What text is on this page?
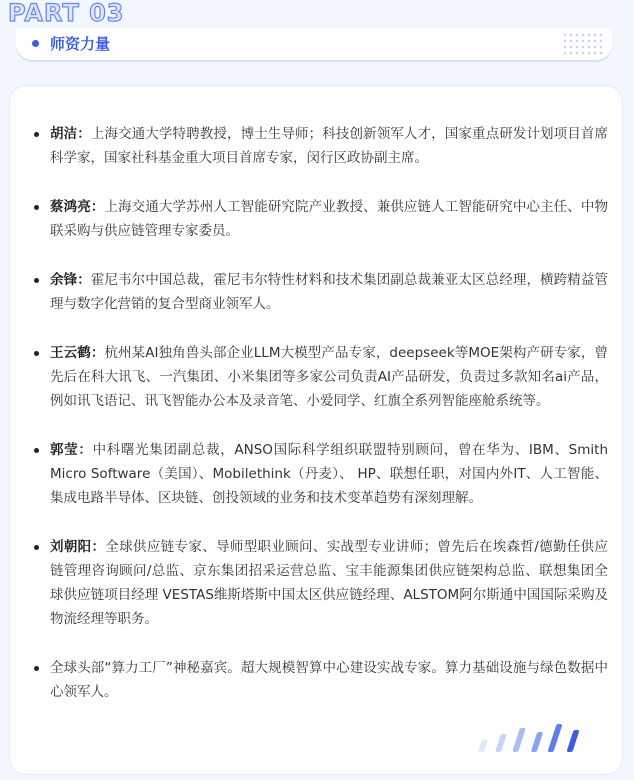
PART 03
师资力量
胡洁：上海交通大学特聘教授，博士生导师；科技创新领军人才，国家重点研发计划项目首席科学家，国家社科基金重大项目首席专家，闵行区政协副主席。
蔡鸿亮：上海交通大学苏州人工智能研究院产业教授、兼供应链人工智能研究中心主任、中物联采购与供应链管理专家委员。
余锋：霍尼韦尔中国总裁，霍尼韦尔特性材料和技术集团副总裁兼亚太区总经理，横跨精益管理与数字化营销的复合型商业领军人。
王云鹤：杭州某AI独角兽头部企业LLM大模型产品专家，deepseek等MOE架构产研专家，曾先后在科大讯飞、一汽集团、小米集团等多家公司负责AI产品研发，负责过多款知名ai产品，例如讯飞语记、讯飞智能办公本及录音笔、小爱同学、红旗全系列智能座舱系统等。
郭莹：中科曙光集团副总裁，ANSO国际科学组织联盟特别顾问，曾在华为、IBM、Smith Micro Software（美国）、Mobilethink（丹麦）、 HP、联想任职，对国内外IT、人工智能、集成电路半导体、区块链、创投领域的业务和技术变革趋势有深刻理解。
刘朝阳：全球供应链专家、导师型职业顾问、实战型专业讲师；曾先后在埃森哲/德勤任供应链管理咨询顾问/总监、京东集团招采运营总监、宝丰能源集团供应链架构总监、联想集团全球供应链项目经理 VESTAS维斯塔斯中国太区供应链经理、ALSTOM阿尔斯通中国国际采购及物流经理等职务。
全球头部“算力工厂”神秘嘉宾。超大规模智算中心建设实战专家。算力基础设施与绿色数据中心领军人。
